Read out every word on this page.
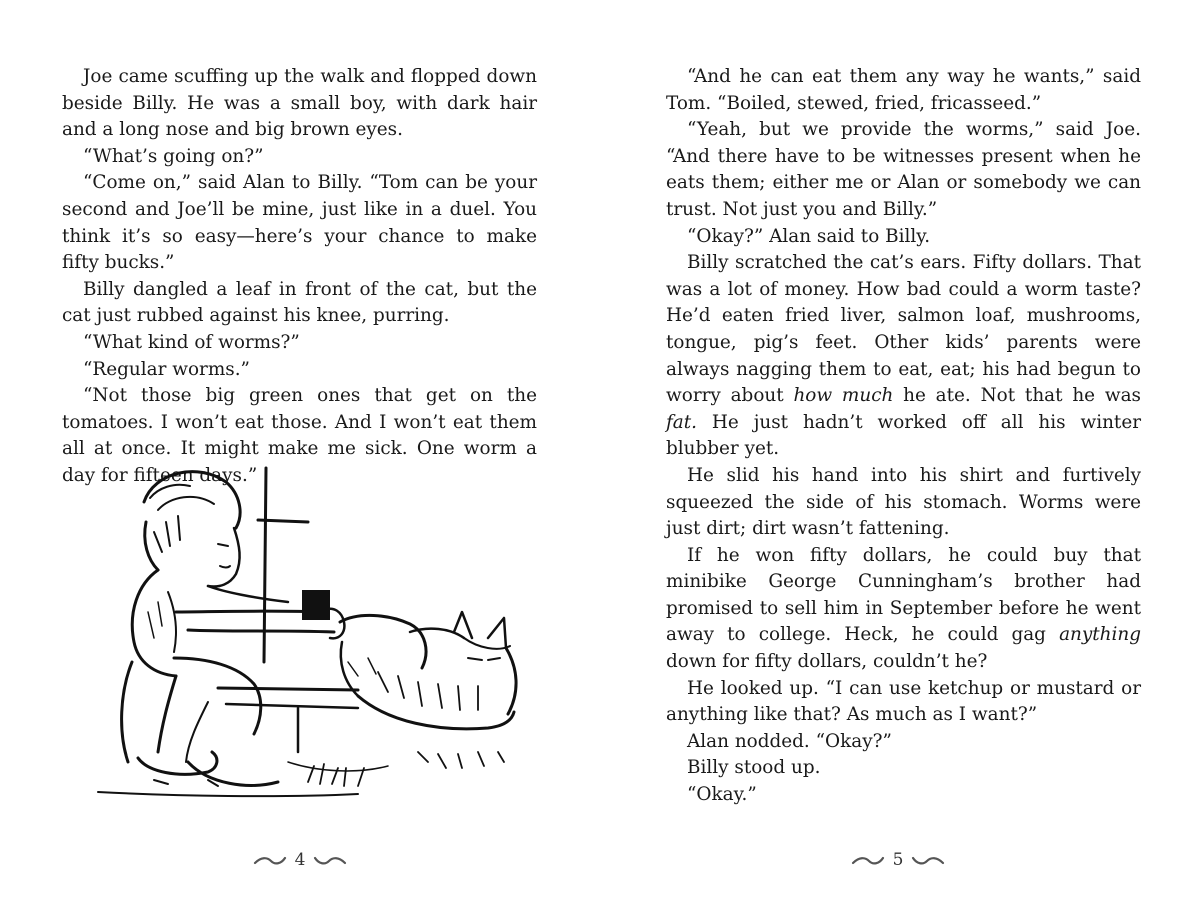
Joe came scuffing up the walk and flopped down beside Billy. He was a small boy, with dark hair and a long nose and big brown eyes.

“What’s going on?”

“Come on,” said Alan to Billy. “Tom can be your second and Joe’ll be mine, just like in a duel. You think it’s so easy—here’s your chance to make fifty bucks.”

Billy dangled a leaf in front of the cat, but the cat just rubbed against his knee, purring.

“What kind of worms?”

“Regular worms.”

“Not those big green ones that get on the tomatoes. I won’t eat those. And I won’t eat them all at once. It might make me sick. One worm a day for fifteen days.”

4

“And he can eat them any way he wants,” said Tom. “Boiled, stewed, fried, fricasseed.”

“Yeah, but we provide the worms,” said Joe. “And there have to be witnesses present when he eats them; either me or Alan or somebody we can trust. Not just you and Billy.”

“Okay?” Alan said to Billy.

Billy scratched the cat’s ears. Fifty dollars. That was a lot of money. How bad could a worm taste? He’d eaten fried liver, salmon loaf, mushrooms, tongue, pig’s feet. Other kids’ parents were always nagging them to eat, eat; his had begun to worry about how much he ate. Not that he was fat. He just hadn’t worked off all his winter blubber yet.

He slid his hand into his shirt and furtively squeezed the side of his stomach. Worms were just dirt; dirt wasn’t fattening.

If he won fifty dollars, he could buy that minibike George Cunningham’s brother had promised to sell him in September before he went away to college. Heck, he could gag anything down for fifty dollars, couldn’t he?

He looked up. “I can use ketchup or mustard or anything like that? As much as I want?”

Alan nodded. “Okay?”

Billy stood up.

“Okay.”

5
